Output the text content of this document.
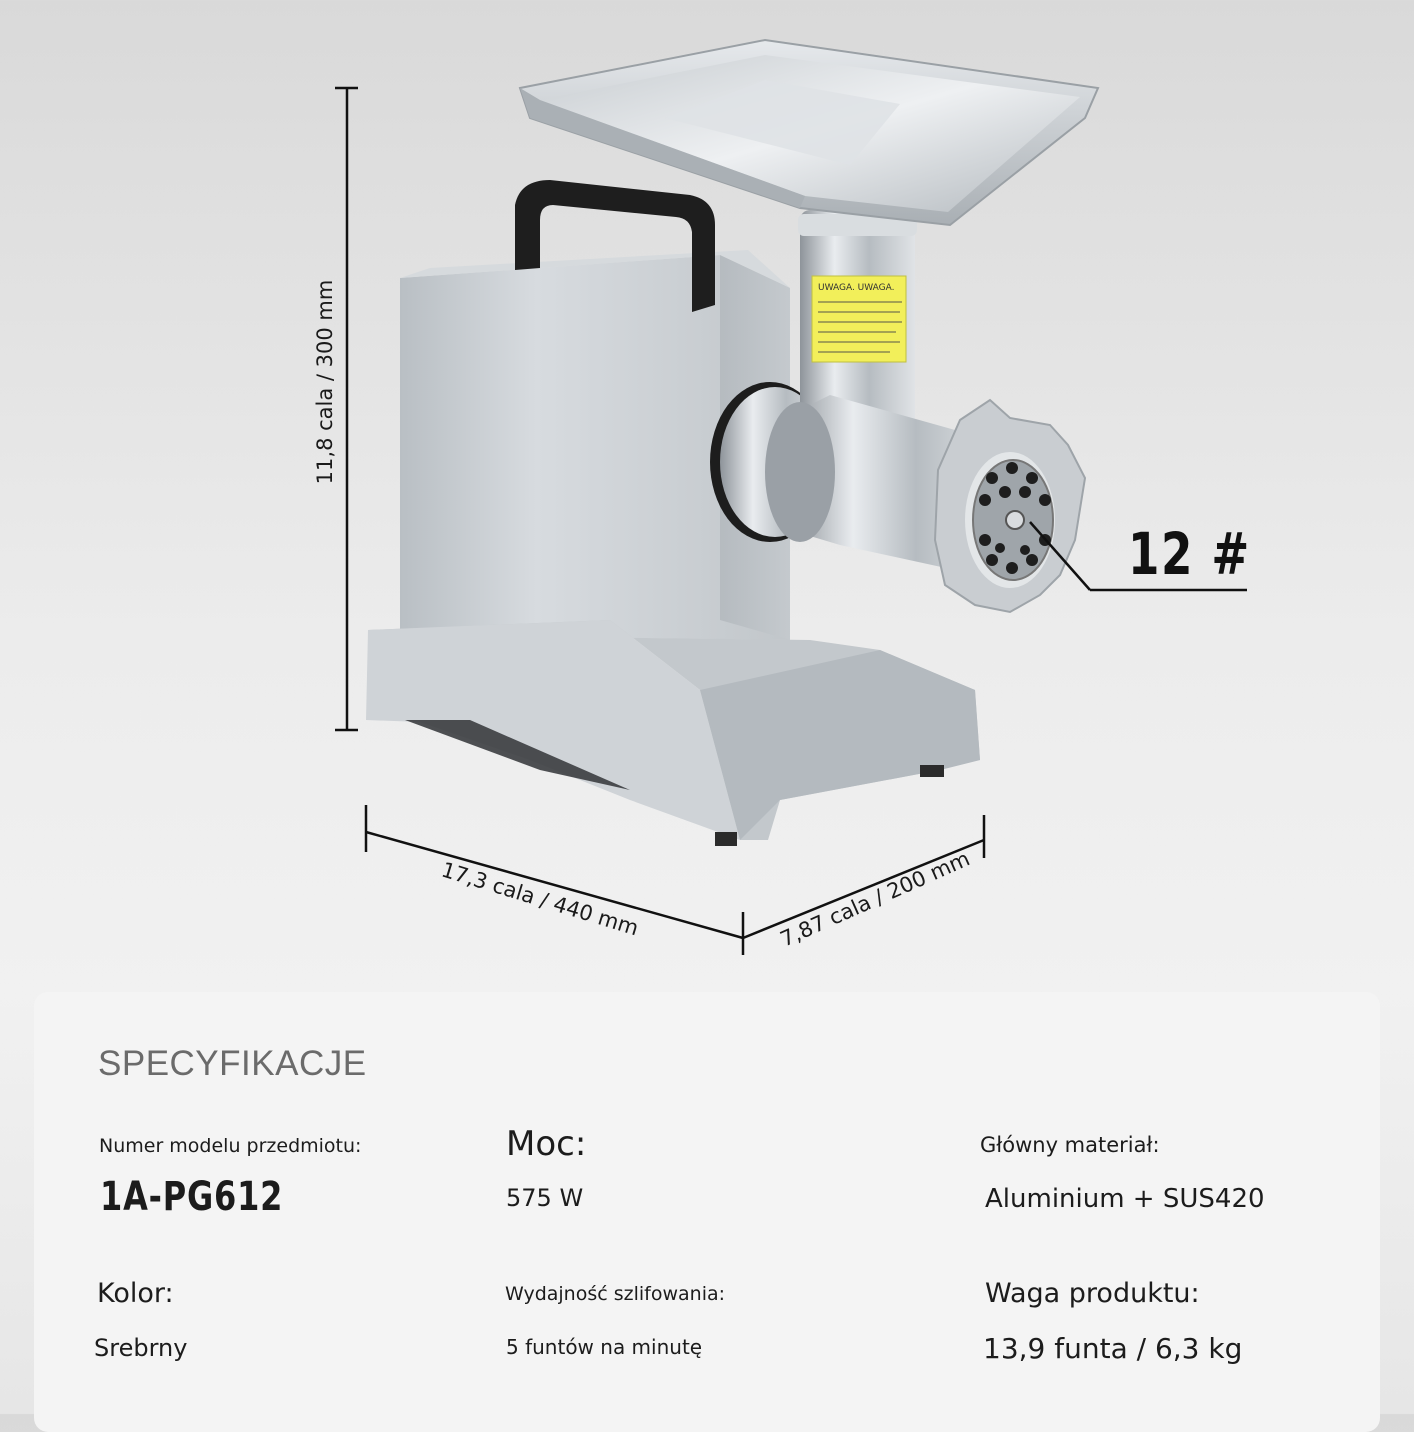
UWAGA. UWAGA.
11,8 cala / 300 mm
17,3 cala / 440 mm	7,87 cala / 200 mm
12 #
SPECYFIKACJE
Numer modelu przedmiotu:
1A-PG612
Moc:
575 W
Główny materiał:
Aluminium + SUS420
Kolor:
Srebrny
Wydajność szlifowania:
5 funtów na minutę
Waga produktu:
13,9 funta / 6,3 kg
